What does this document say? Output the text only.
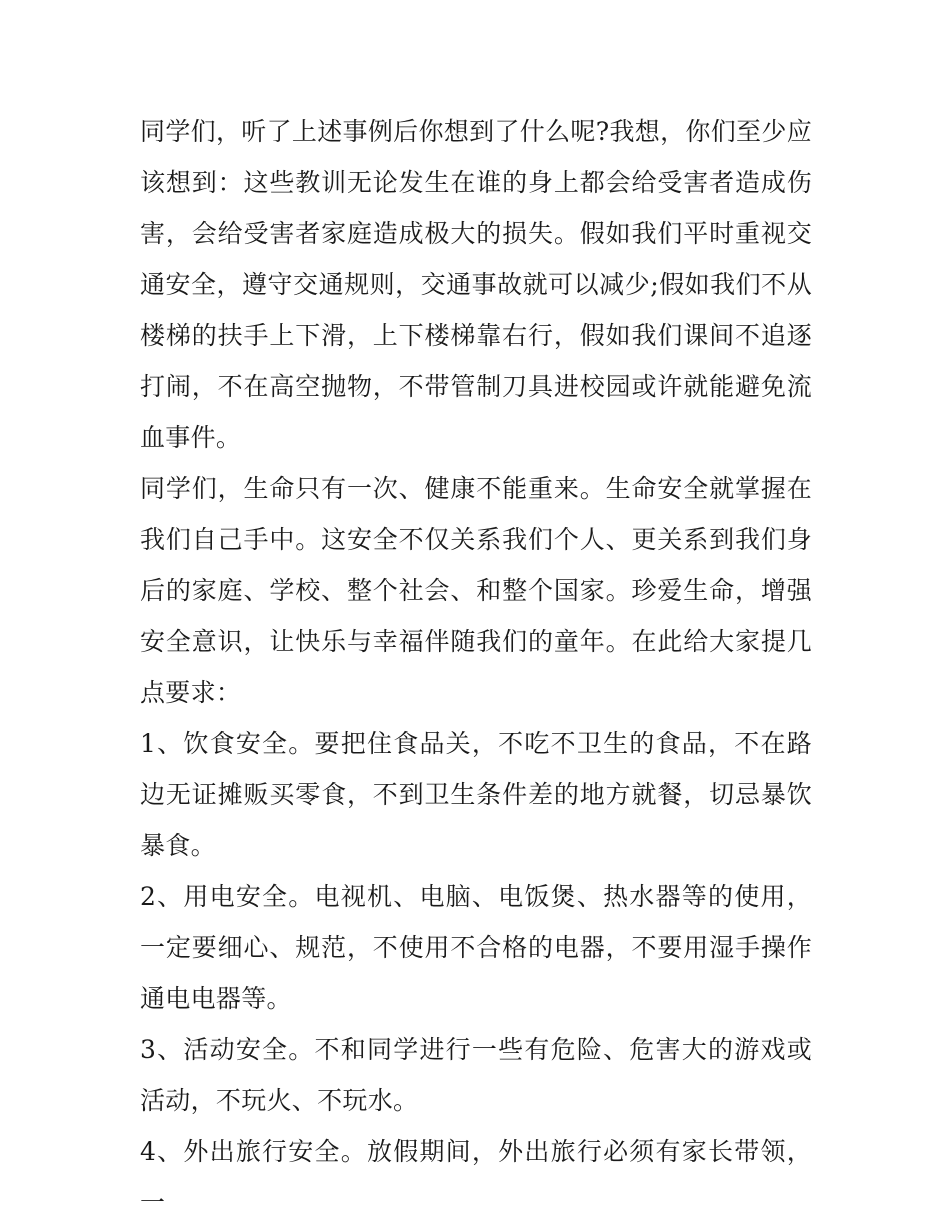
同学们，听了上述事例后你想到了什么呢?我想，你们至少应该想到：这些教训无论发生在谁的身上都会给受害者造成伤害，会给受害者家庭造成极大的损失。假如我们平时重视交通安全，遵守交通规则，交通事故就可以减少;假如我们不从楼梯的扶手上下滑，上下楼梯靠右行，假如我们课间不追逐打闹，不在高空抛物，不带管制刀具进校园或许就能避免流血事件。

同学们，生命只有一次、健康不能重来。生命安全就掌握在我们自己手中。这安全不仅关系我们个人、更关系到我们身后的家庭、学校、整个社会、和整个国家。珍爱生命，增强安全意识，让快乐与幸福伴随我们的童年。在此给大家提几点要求：

1、饮食安全。要把住食品关，不吃不卫生的食品，不在路边无证摊贩买零食，不到卫生条件差的地方就餐，切忌暴饮暴食。

2、用电安全。电视机、电脑、电饭煲、热水器等的使用，一定要细心、规范，不使用不合格的电器，不要用湿手操作通电电器等。

3、活动安全。不和同学进行一些有危险、危害大的游戏或活动，不玩火、不玩水。

4、外出旅行安全。放假期间，外出旅行必须有家长带领，一
